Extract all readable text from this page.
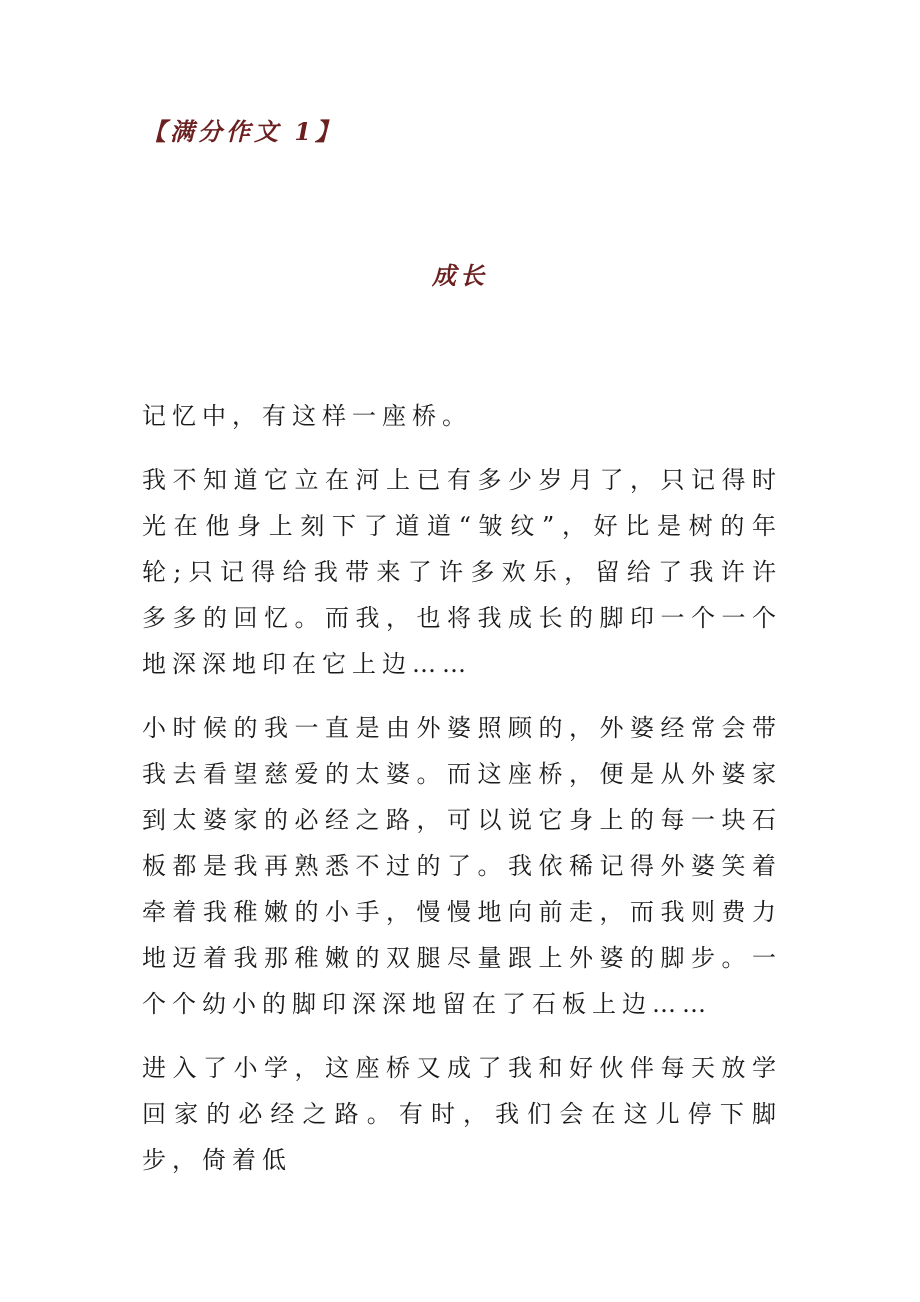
【满分作文 1】
成长

记忆中，有这样一座桥。

我不知道它立在河上已有多少岁月了，只记得时光在他身上刻下了道道“皱纹”，好比是树的年轮;只记得给我带来了许多欢乐，留给了我许许多多的回忆。而我，也将我成长的脚印一个一个地深深地印在它上边……

小时候的我一直是由外婆照顾的，外婆经常会带我去看望慈爱的太婆。而这座桥，便是从外婆家到太婆家的必经之路，可以说它身上的每一块石板都是我再熟悉不过的了。我依稀记得外婆笑着牵着我稚嫩的小手，慢慢地向前走，而我则费力地迈着我那稚嫩的双腿尽量跟上外婆的脚步。一个个幼小的脚印深深地留在了石板上边……

进入了小学，这座桥又成了我和好伙伴每天放学回家的必经之路。有时，我们会在这儿停下脚步，倚着低
